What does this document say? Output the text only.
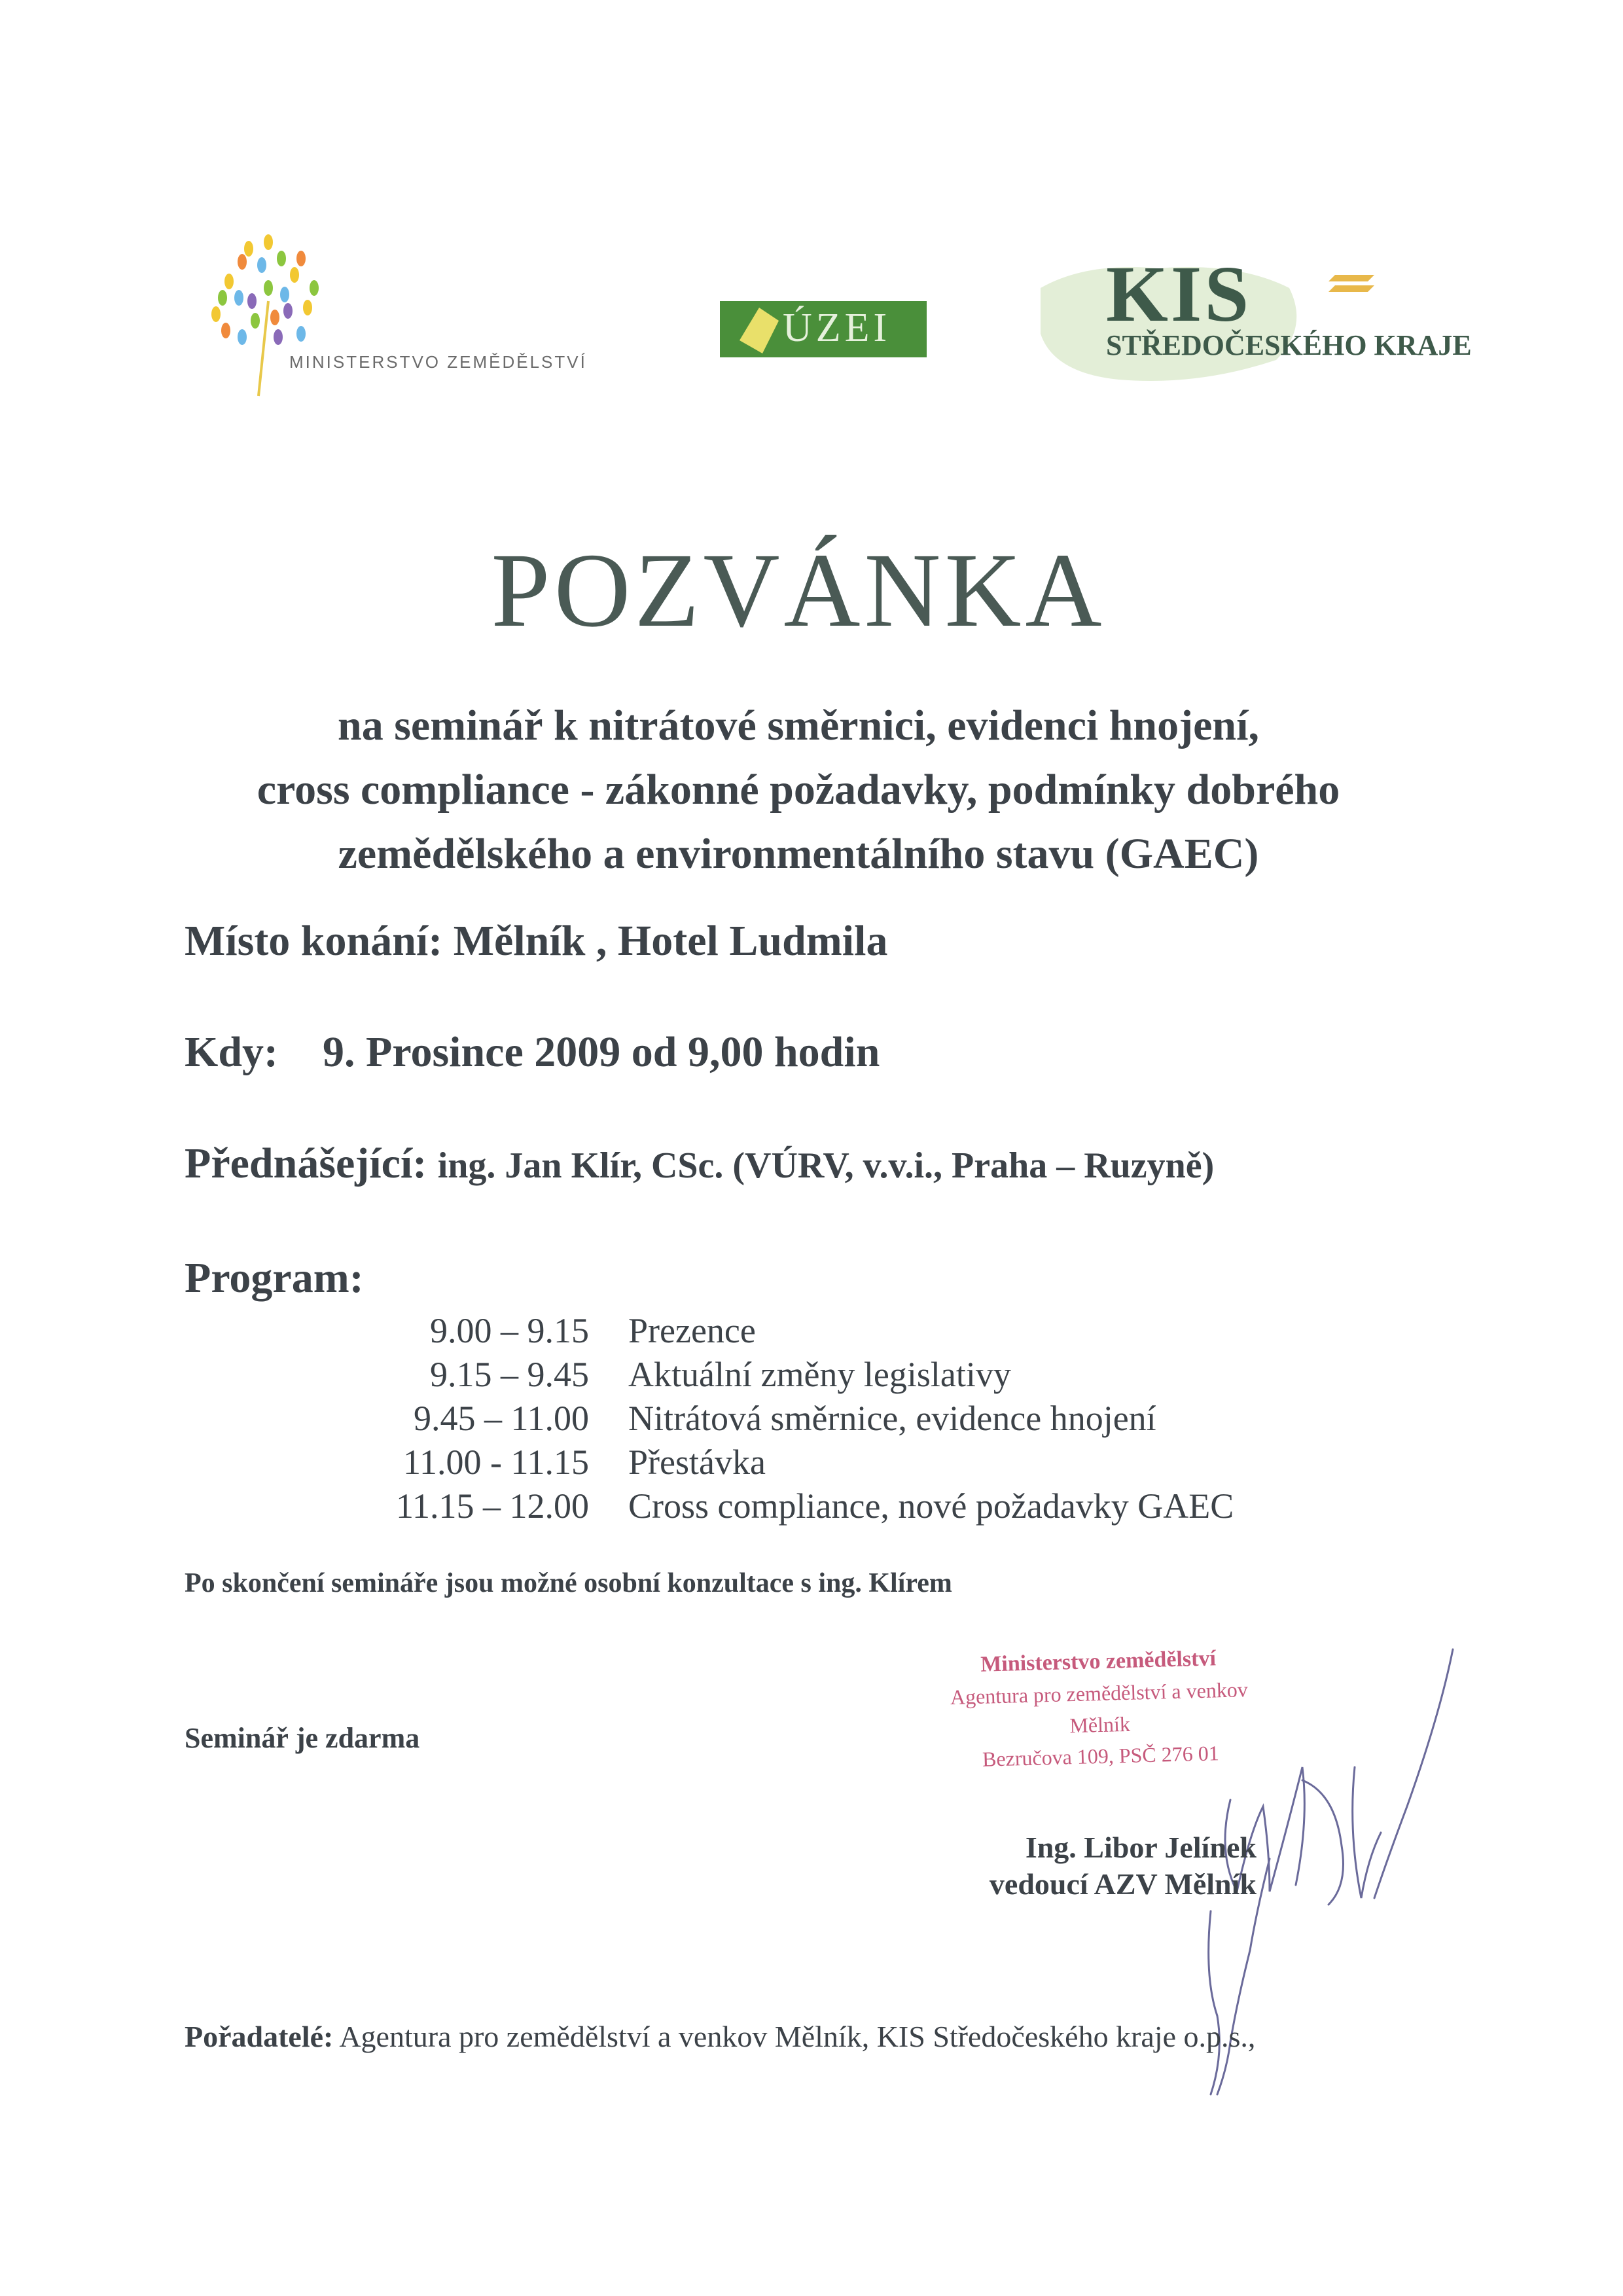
MINISTERSTVO ZEMĚDĚLSTVÍ
ÚZEI	KIS
STŘEDOČESKÉHO KRAJE
POZVÁNKA
na seminář k nitrátové směrnici, evidenci hnojení,
cross compliance - zákonné požadavky, podmínky dobrého
zemědělského a environmentálního stavu (GAEC)
Místo konání: Mělník , Hotel Ludmila
Kdy: 9. Prosince 2009 od 9,00 hodin
Přednášející: ing. Jan Klír, CSc. (VÚRV, v.v.i., Praha – Ruzyně)
Program:
9.00 – 9.15 Prezence
9.15 – 9.45 Aktuální změny legislativy
9.45 – 11.00 Nitrátová směrnice, evidence hnojení
11.00 - 11.15 Přestávka
11.15 – 12.00 Cross compliance, nové požadavky GAEC
Po skončení semináře jsou možné osobní konzultace s ing. Klírem
Seminář je zdarma
Ministerstvo zemědělství
Agentura pro zemědělství a venkov
Mělník
Bezručova 109, PSČ 276 01
Ing. Libor Jelínek
vedoucí AZV Mělník
Pořadatelé: Agentura pro zemědělství a venkov Mělník, KIS Středočeského kraje o.p.s.,
